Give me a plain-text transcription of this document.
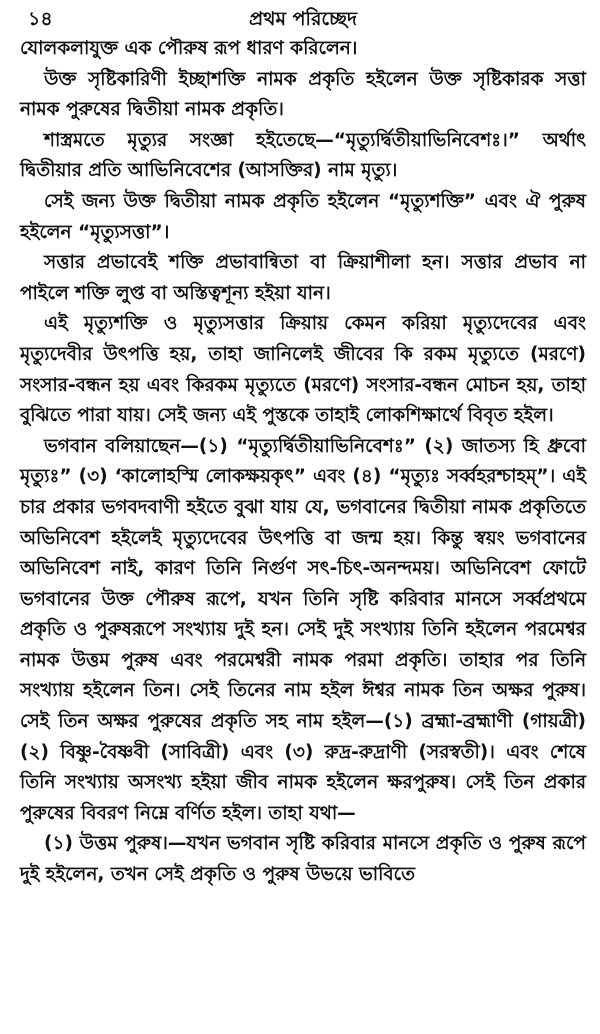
১৪	প্রথম পরিচ্ছেদ

যোলকলাযুক্ত এক পৌরুষ রূপ ধারণ করিলেন।

উক্ত সৃষ্টিকারিণী ইচ্ছাশক্তি নামক প্রকৃতি হইলেন উক্ত সৃষ্টিকারক সত্তা নামক পুরুষের দ্বিতীয়া নামক প্রকৃতি।

শাস্ত্রমতে মৃত্যুর সংজ্ঞা হইতেছে—“মৃত্যুর্দ্বিতীয়াভিনিবেশঃ।” অর্থাৎ দ্বিতীয়ার প্রতি আভিনিবেশের (আসক্তির) নাম মৃত্যু।

সেই জন্য উক্ত দ্বিতীয়া নামক প্রকৃতি হইলেন “মৃত্যুশক্তি” এবং ঐ পুরুষ হইলেন “মৃত্যুসত্তা”।

সত্তার প্রভাবেই শক্তি প্রভাবান্বিতা বা ক্রিয়াশীলা হন। সত্তার প্রভাব না পাইলে শক্তি লুপ্ত বা অস্তিত্বশূন্য হইয়া যান।

এই মৃত্যুশক্তি ও মৃত্যুসত্তার ক্রিয়ায় কেমন করিয়া মৃত্যুদেবের এবং মৃত্যুদেবীর উৎপত্তি হয়, তাহা জানিলেই জীবের কি রকম মৃত্যুতে (মরণে) সংসার-বন্ধন হয় এবং কিরকম মৃত্যুতে (মরণে) সংসার-বন্ধন মোচন হয়, তাহা বুঝিতে পারা যায়। সেই জন্য এই পুস্তকে তাহাই লোকশিক্ষার্থে বিবৃত হইল।

ভগবান বলিয়াছেন—(১) “মৃত্যুর্দ্বিতীয়াভিনিবেশঃ” (২) জাতস্য হি ধ্রুবো মৃত্যুঃ” (৩) ‘কালোহস্মি লোকক্ষয়কৃৎ” এবং (৪) “মৃত্যুঃ সর্ব্বহরশ্চাহম্”। এই চার প্রকার ভগবদবাণী হইতে বুঝা যায় যে, ভগবানের দ্বিতীয়া নামক প্রকৃতিতে অভিনিবেশ হইলেই মৃত্যুদেবের উৎপত্তি বা জন্ম হয়। কিন্তু স্বয়ং ভগবানের অভিনিবেশ নাই, কারণ তিনি নির্গুণ সৎ-চিৎ-অনন্দময়। অভিনিবেশ ফোটে ভগবানের উক্ত পৌরুষ রূপে, যখন তিনি সৃষ্টি করিবার মানসে সর্ব্বপ্রথমে প্রকৃতি ও পুরুষরূপে সংখ্যায় দুই হন। সেই দুই সংখ্যায় তিনি হইলেন পরমেশ্বর নামক উত্তম পুরুষ এবং পরমেশ্বরী নামক পরমা প্রকৃতি। তাহার পর তিনি সংখ্যায় হইলেন তিন। সেই তিনের নাম হইল ঈশ্বর নামক তিন অক্ষর পুরুষ। সেই তিন অক্ষর পুরুষের প্রকৃতি সহ নাম হইল—(১) ব্রহ্মা-ব্রহ্মাণী (গায়ত্রী) (২) বিষ্ণু-বৈষ্ণবী (সাবিত্রী) এবং (৩) রুদ্র-রুদ্রাণী (সরস্বতী)। এবং শেষে তিনি সংখ্যায় অসংখ্য হইয়া জীব নামক হইলেন ক্ষরপুরুষ। সেই তিন প্রকার পুরুষের বিবরণ নিম্নে বর্ণিত হইল। তাহা যথা—

(১) উত্তম পুরুষ।—যখন ভগবান সৃষ্টি করিবার মানসে প্রকৃতি ও পুরুষ রূপে দুই হইলেন, তখন সেই প্রকৃতি ও পুরুষ উভয়ে ভাবিতে
